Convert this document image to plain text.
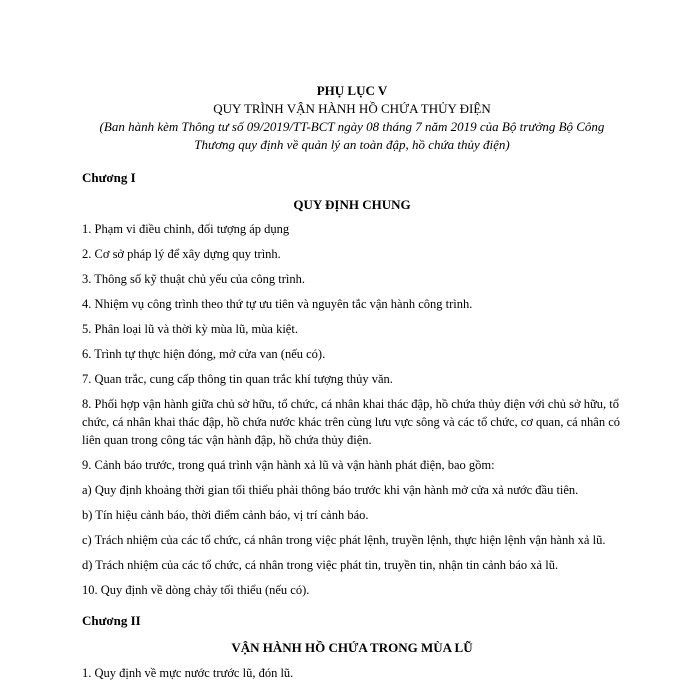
PHỤ LỤC V
QUY TRÌNH VẬN HÀNH HỒ CHỨA THỦY ĐIỆN
(Ban hành kèm Thông tư số 09/2019/TT-BCT ngày 08 tháng 7 năm 2019 của Bộ trưởng Bộ Công Thương quy định về quản lý an toàn đập, hồ chứa thủy điện)
Chương I
QUY ĐỊNH CHUNG

1. Phạm vi điều chỉnh, đối tượng áp dụng

2. Cơ sở pháp lý để xây dựng quy trình.

3. Thông số kỹ thuật chủ yếu của công trình.

4. Nhiệm vụ công trình theo thứ tự ưu tiên và nguyên tắc vận hành công trình.

5. Phân loại lũ và thời kỳ mùa lũ, mùa kiệt.

6. Trình tự thực hiện đóng, mở cửa van (nếu có).

7. Quan trắc, cung cấp thông tin quan trắc khí tượng thủy văn.

8. Phối hợp vận hành giữa chủ sở hữu, tổ chức, cá nhân khai thác đập, hồ chứa thủy điện với chủ sở hữu, tổ chức, cá nhân khai thác đập, hồ chứa nước khác trên cùng lưu vực sông và các tổ chức, cơ quan, cá nhân có liên quan trong công tác vận hành đập, hồ chứa thủy điện.

9. Cảnh báo trước, trong quá trình vận hành xả lũ và vận hành phát điện, bao gồm:

a) Quy định khoảng thời gian tối thiểu phải thông báo trước khi vận hành mở cửa xả nước đầu tiên.

b) Tín hiệu cảnh báo, thời điểm cảnh báo, vị trí cảnh báo.

c) Trách nhiệm của các tổ chức, cá nhân trong việc phát lệnh, truyền lệnh, thực hiện lệnh vận hành xả lũ.

d) Trách nhiệm của các tổ chức, cá nhân trong việc phát tin, truyền tin, nhận tin cảnh báo xả lũ.

10. Quy định về dòng chảy tối thiểu (nếu có).

Chương II
VẬN HÀNH HỒ CHỨA TRONG MÙA LŨ

1. Quy định về mực nước trước lũ, đón lũ.
